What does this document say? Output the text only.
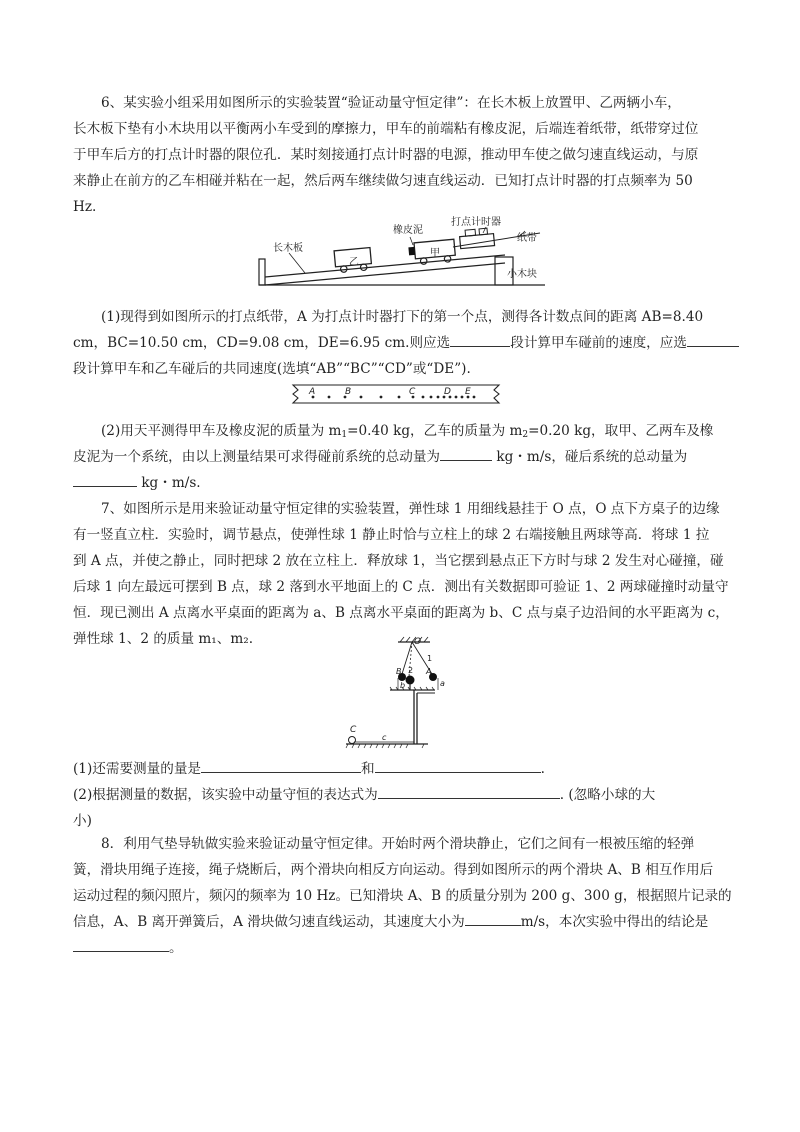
6、某实验小组采用如图所示的实验装置“验证动量守恒定律”：在长木板上放置甲、乙两辆小车，
长木板下垫有小木块用以平衡两小车受到的摩擦力，甲车的前端粘有橡皮泥，后端连着纸带，纸带穿过位
于甲车后方的打点计时器的限位孔．某时刻接通打点计时器的电源，推动甲车使之做匀速直线运动，与原
来静止在前方的乙车相碰并粘在一起，然后两车继续做匀速直线运动．已知打点计时器的打点频率为 50
Hz.
长木板
乙
橡皮泥
甲
打点计时器
纸带
小木块
(1)现得到如图所示的打点纸带，A 为打点计时器打下的第一个点，测得各计数点间的距离 AB=8.40
cm，BC=10.50 cm，CD=9.08 cm，DE=6.95 cm.则应选	段计算甲车碰前的速度，应选
段计算甲车和乙车碰后的共同速度(选填“AB”“BC”“CD”或“DE”).
A	B	C	D E
(2)用天平测得甲车及橡皮泥的质量为 $m_1=0.40$ kg，乙车的质量为 $m_2=0.20$ kg，取甲、乙两车及橡
皮泥为一个系统，由以上测量结果可求得碰前系统的总动量为	kg・m/s，碰后系统的总动量为
kg・m/s.
7、如图所示是用来验证动量守恒定律的实验装置，弹性球 1 用细线悬挂于 O 点，O 点下方桌子的边缘
有一竖直立柱．实验时，调节悬点，使弹性球 1 静止时恰与立柱上的球 2 右端接触且两球等高．将球 1 拉
到 A 点，并使之静止，同时把球 2 放在立柱上．释放球 1，当它摆到悬点正下方时与球 2 发生对心碰撞，碰
后球 1 向左最远可摆到 B 点，球 2 落到水平地面上的 C 点．测出有关数据即可验证 1、2 两球碰撞时动量守
恒．现已测出 A 点离水平桌面的距离为 a、B 点离水平桌面的距离为 b、C 点与桌子边沿间的水平距离为 c，
弹性球 1、2 的质量 m₁、m₂.	O
A
B
1
2
a
b
C
c
(1)还需要测量的量是	和	.
(2)根据测量的数据，该实验中动量守恒的表达式为	. (忽略小球的大
小)
8．利用气垫导轨做实验来验证动量守恒定律。开始时两个滑块静止，它们之间有一根被压缩的轻弹
簧，滑块用绳子连接，绳子烧断后，两个滑块向相反方向运动。得到如图所示的两个滑块 A、B 相互作用后
运动过程的频闪照片，频闪的频率为 10 Hz。已知滑块 A、B 的质量分别为 200 g、300 g，根据照片记录的
信息，A、B 离开弹簧后，A 滑块做匀速直线运动，其速度大小为	m/s，本次实验中得出的结论是
。
